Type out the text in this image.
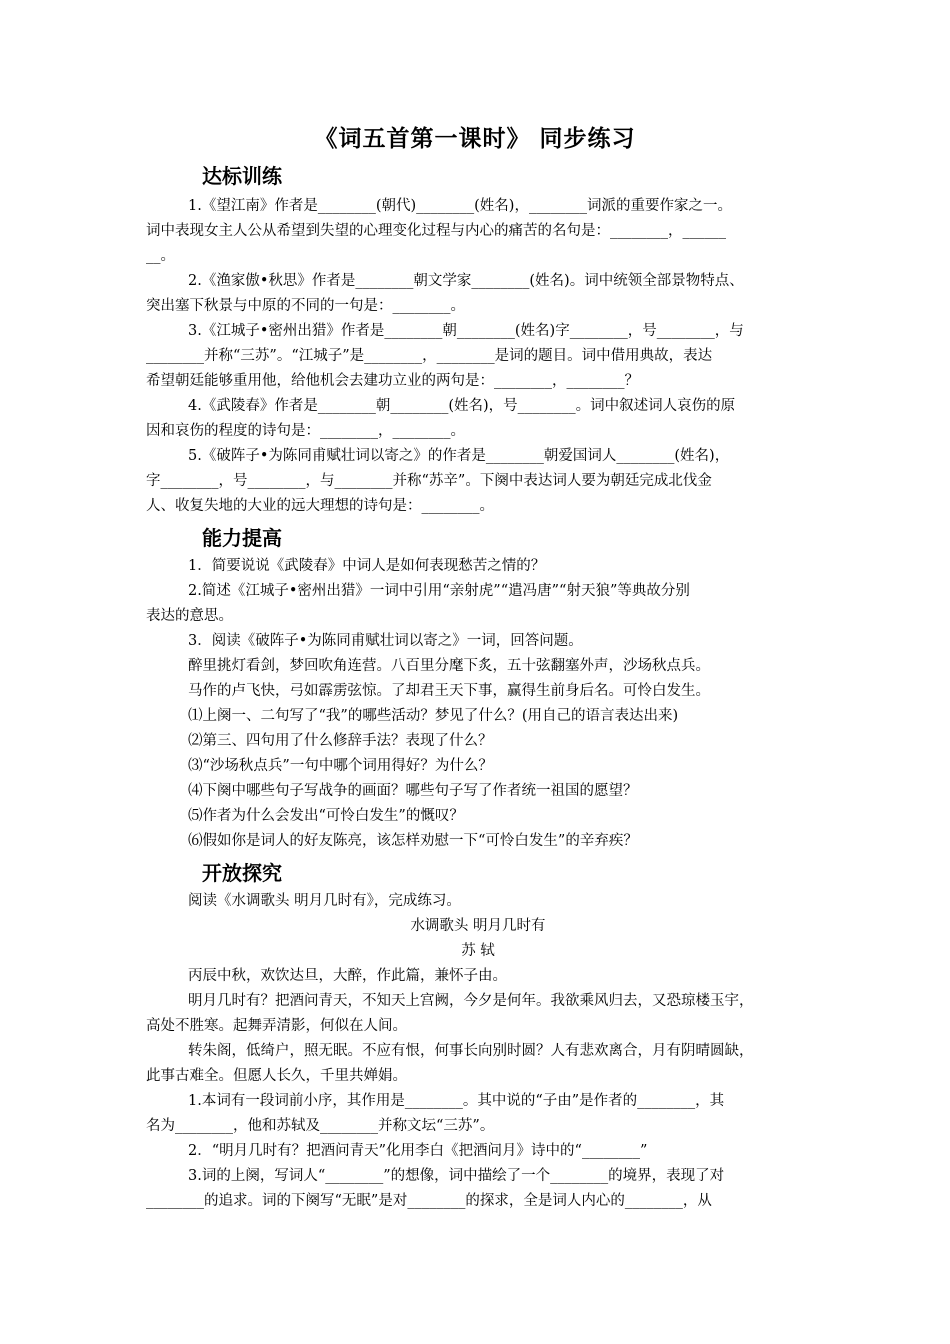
《词五首第一课时》 同步练习
达标训练
1.《望江南》作者是________(朝代)________(姓名)，________词派的重要作家之一。
词中表现女主人公从希望到失望的心理变化过程与内心的痛苦的名句是：________，______
__。
2.《渔家傲•秋思》作者是________朝文学家________(姓名)。词中统领全部景物特点、
突出塞下秋景与中原的不同的一句是：________。
3.《江城子•密州出猎》作者是________朝________(姓名)字________，号________，与
________并称“三苏”。“江城子”是________，________是词的题目。词中借用典故，表达
希望朝廷能够重用他，给他机会去建功立业的两句是：________，________？
4.《武陵春》作者是________朝________(姓名)，号________。词中叙述词人哀伤的原
因和哀伤的程度的诗句是：________，________。
5.《破阵子•为陈同甫赋壮词以寄之》的作者是________朝爱国词人________(姓名)，
字________，号________，与________并称“苏辛”。下阕中表达词人要为朝廷完成北伐金
人、收复失地的大业的远大理想的诗句是：________。
能力提高
1．简要说说《武陵春》中词人是如何表现愁苦之情的？
2.简述《江城子•密州出猎》一词中引用“亲射虎”“遣冯唐”“射天狼”等典故分别
表达的意思。
3．阅读《破阵子•为陈同甫赋壮词以寄之》一词，回答问题。
醉里挑灯看剑，梦回吹角连营。八百里分麾下炙，五十弦翻塞外声，沙场秋点兵。
马作的卢飞快，弓如霹雳弦惊。了却君王天下事，赢得生前身后名。可怜白发生。
⑴上阕一、二句写了“我”的哪些活动？梦见了什么？(用自己的语言表达出来)
⑵第三、四句用了什么修辞手法？表现了什么？
⑶“沙场秋点兵”一句中哪个词用得好？为什么？
⑷下阕中哪些句子写战争的画面？哪些句子写了作者统一祖国的愿望？
⑸作者为什么会发出“可怜白发生”的慨叹？
⑹假如你是词人的好友陈亮，该怎样劝慰一下“可怜白发生”的辛弃疾？
开放探究
阅读《水调歌头 明月几时有》，完成练习。
水调歌头 明月几时有
苏 轼
丙辰中秋，欢饮达旦，大醉，作此篇，兼怀子由。
明月几时有？把酒问青天，不知天上宫阙，今夕是何年。我欲乘风归去，又恐琼楼玉宇，
高处不胜寒。起舞弄清影，何似在人间。
转朱阁，低绮户，照无眠。不应有恨，何事长向别时圆？人有悲欢离合，月有阴晴圆缺，
此事古难全。但愿人长久，千里共婵娟。
1.本词有一段词前小序，其作用是________。其中说的“子由”是作者的________，其
名为________，他和苏轼及________并称文坛“三苏”。
2．“明月几时有？把酒问青天”化用李白《把酒问月》诗中的“________”
3.词的上阕，写词人“________”的想像，词中描绘了一个________的境界，表现了对
________的追求。词的下阕写“无眠”是对________的探求，全是词人内心的________，从
